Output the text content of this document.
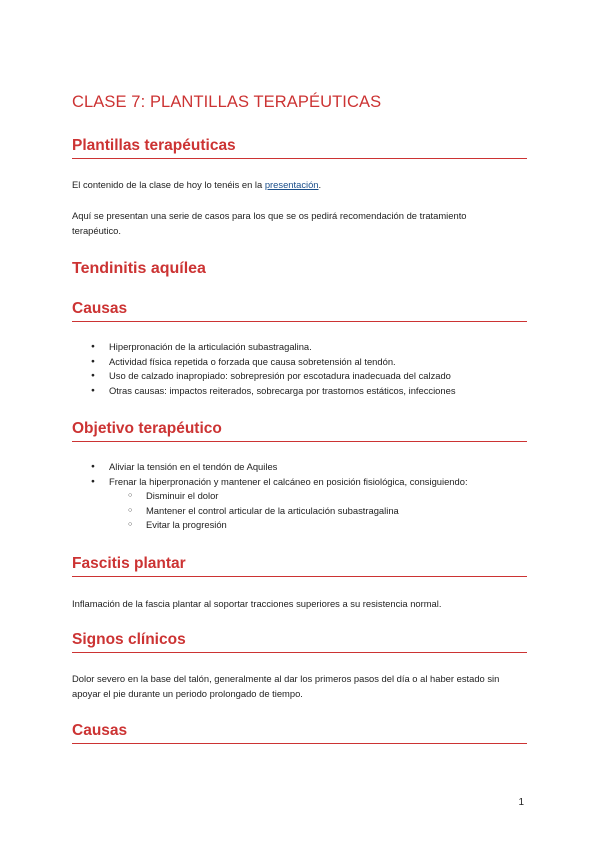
CLASE 7: PLANTILLAS TERAPÉUTICAS
Plantillas terapéuticas

El contenido de la clase de hoy lo tenéis en la presentación.

Aquí se presentan una serie de casos para los que se os pedirá recomendación de tratamiento terapéutico.

Tendinitis aquílea
Causas
● Hiperpronación de la articulación subastragalina.
● Actividad física repetida o forzada que causa sobretensión al tendón.
● Uso de calzado inapropiado: sobrepresión por escotadura inadecuada del calzado
● Otras causas: impactos reiterados, sobrecarga por trastornos estáticos, infecciones
Objetivo terapéutico
● Aliviar la tensión en el tendón de Aquiles
● Frenar la hiperpronación y mantener el calcáneo en posición fisiológica, consiguiendo:
○ Disminuir el dolor
○ Mantener el control articular de la articulación subastragalina
○ Evitar la progresión
Fascitis plantar

Inflamación de la fascia plantar al soportar tracciones superiores a su resistencia normal.

Signos clínicos

Dolor severo en la base del talón, generalmente al dar los primeros pasos del día o al haber estado sin apoyar el pie durante un periodo prolongado de tiempo.

Causas
1
